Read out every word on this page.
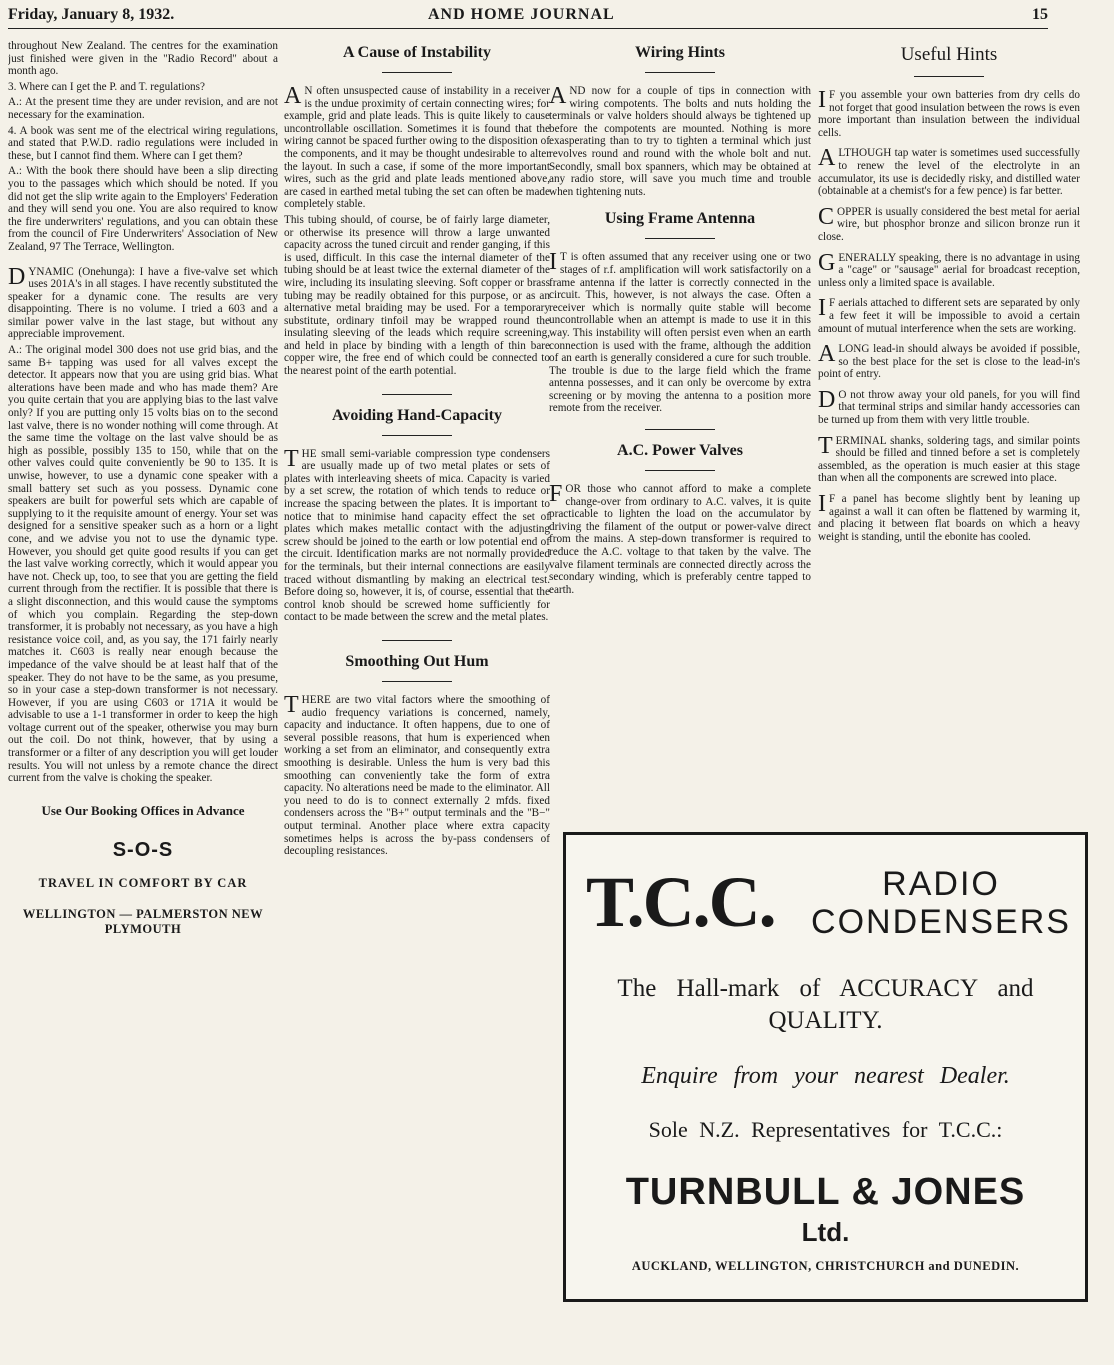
Friday, January 8, 1932.	AND HOME JOURNAL	15

throughout New Zealand. The centres for the examination just finished were given in the "Radio Record" about a month ago.

3. Where can I get the P. and T. regulations?

A.: At the present time they are under revision, and are not necessary for the examination.

4. A book was sent me of the electrical wiring regulations, and stated that P.W.D. radio regulations were included in these, but I cannot find them. Where can I get them?

A.: With the book there should have been a slip directing you to the passages which which should be noted. If you did not get the slip write again to the Employers' Federation and they will send you one. You are also required to know the fire underwriters' regulations, and you can obtain these from the council of Fire Underwriters' Association of New Zealand, 97 The Terrace, Wellington.

DYNAMIC (Onehunga): I have a five-valve set which uses 201A's in all stages. I have recently substituted the speaker for a dynamic cone. The results are very disappointing. There is no volume. I tried a 603 and a similar power valve in the last stage, but without any appreciable improvement.

A.: The original model 300 does not use grid bias, and the same B+ tapping was used for all valves except the detector. It appears now that you are using grid bias. What alterations have been made and who has made them? Are you quite certain that you are applying bias to the last valve only? If you are putting only 15 volts bias on to the second last valve, there is no wonder nothing will come through. At the same time the voltage on the last valve should be as high as possible, possibly 135 to 150, while that on the other valves could quite conveniently be 90 to 135. It is unwise, however, to use a dynamic cone speaker with a small battery set such as you possess. Dynamic cone speakers are built for powerful sets which are capable of supplying to it the requisite amount of energy. Your set was designed for a sensitive speaker such as a horn or a light cone, and we advise you not to use the dynamic type. However, you should get quite good results if you can get the last valve working correctly, which it would appear you have not. Check up, too, to see that you are getting the field current through from the rectifier. It is possible that there is a slight disconnection, and this would cause the symptoms of which you complain. Regarding the step-down transformer, it is probably not necessary, as you have a high resistance voice coil, and, as you say, the 171 fairly nearly matches it. C603 is really near enough because the impedance of the valve should be at least half that of the speaker. They do not have to be the same, as you presume, so in your case a step-down transformer is not necessary. However, if you are using C603 or 171A it would be advisable to use a 1-1 transformer in order to keep the high voltage current out of the speaker, otherwise you may burn out the coil. Do not think, however, that by using a transformer or a filter of any description you will get louder results. You will not unless by a remote chance the direct current from the valve is choking the speaker.

Use Our Booking Offices in Advance
S-O-S
TRAVEL IN COMFORT BY CAR
WELLINGTON — PALMERSTON NEW PLYMOUTH
A Cause of Instability

A N often unsuspected cause of instability in a receiver is the undue proximity of certain connecting wires; for example, grid and plate leads. This is quite likely to cause uncontrollable oscillation. Sometimes it is found that the wiring cannot be spaced further owing to the disposition of the components, and it may be thought undesirable to alter the layout. In such a case, if some of the more important wires, such as the grid and plate leads mentioned above, are cased in earthed metal tubing the set can often be made completely stable.

This tubing should, of course, be of fairly large diameter, or otherwise its presence will throw a large unwanted capacity across the tuned circuit and render ganging, if this is used, difficult. In this case the internal diameter of the tubing should be at least twice the external diameter of the wire, including its insulating sleeving. Soft copper or brass tubing may be readily obtained for this purpose, or as an alternative metal braiding may be used. For a temporary substitute, ordinary tinfoil may be wrapped round the insulating sleeving of the leads which require screening, and held in place by binding with a length of thin bare copper wire, the free end of which could be connected to the nearest point of the earth potential.

Avoiding Hand-Capacity

THE small semi-variable compression type condensers are usually made up of two metal plates or sets of plates with interleaving sheets of mica. Capacity is varied by a set screw, the rotation of which tends to reduce or increase the spacing between the plates. It is important to notice that to minimise hand capacity effect the set of plates which makes metallic contact with the adjusting screw should be joined to the earth or low potential end of the circuit. Identification marks are not normally provided for the terminals, but their internal connections are easily traced without dismantling by making an electrical test. Before doing so, however, it is, of course, essential that the control knob should be screwed home sufficiently for contact to be made between the screw and the metal plates.

Smoothing Out Hum

THERE are two vital factors where the smoothing of audio frequency variations is concerned, namely, capacity and inductance. It often happens, due to one of several possible reasons, that hum is experienced when working a set from an eliminator, and consequently extra smoothing is desirable. Unless the hum is very bad this smoothing can conveniently take the form of extra capacity. No alterations need be made to the eliminator. All you need to do is to connect externally 2 mfds. fixed condensers across the "B+" output terminals and the "B−" output terminal. Another place where extra capacity sometimes helps is across the by-pass condensers of decoupling resistances.

Wiring Hints

AND now for a couple of tips in connection with wiring compotents. The bolts and nuts holding the terminals or valve holders should always be tightened up before the compotents are mounted. Nothing is more exasperating than to try to tighten a terminal which just revolves round and round with the whole bolt and nut. Secondly, small box spanners, which may be obtained at any radio store, will save you much time and trouble when tightening nuts.

Using Frame Antenna

I T is often assumed that any receiver using one or two stages of r.f. amplification will work satisfactorily on a frame antenna if the latter is correctly connected in the circuit. This, however, is not always the case. Often a receiver which is normally quite stable will become uncontrollable when an attempt is made to use it in this way. This instability will often persist even when an earth connection is used with the frame, although the addition of an earth is generally considered a cure for such trouble. The trouble is due to the large field which the frame antenna possesses, and it can only be overcome by extra screening or by moving the antenna to a position more remote from the receiver.

A.C. Power Valves

FOR those who cannot afford to make a complete change-over from ordinary to A.C. valves, it is quite practicable to lighten the load on the accumulator by driving the filament of the output or power-valve direct from the mains. A step-down transformer is required to reduce the A.C. voltage to that taken by the valve. The valve filament terminals are connected directly across the secondary winding, which is preferably centre tapped to earth.

Useful Hints

I F you assemble your own batteries from dry cells do not forget that good insulation between the rows is even more important than insulation between the individual cells.

ALTHOUGH tap water is sometimes used successfully to renew the level of the electrolyte in an accumulator, its use is decidedly risky, and distilled water (obtainable at a chemist's for a few pence) is far better.

COPPER is usually considered the best metal for aerial wire, but phosphor bronze and silicon bronze run it close.

GENERALLY speaking, there is no advantage in using a "cage" or "sausage" aerial for broadcast reception, unless only a limited space is available.

I F aerials attached to different sets are separated by only a few feet it will be impossible to avoid a certain amount of mutual interference when the sets are working.

A LONG lead-in should always be avoided if possible, so the best place for the set is close to the lead-in's point of entry.

D O not throw away your old panels, for you will find that terminal strips and similar handy accessories can be turned up from them with very little trouble.

TERMINAL shanks, soldering tags, and similar points should be filled and tinned before a set is completely assembled, as the operation is much easier at this stage than when all the components are screwed into place.

I F a panel has become slightly bent by leaning up against a wall it can often be flattened by warming it, and placing it between flat boards on which a heavy weight is standing, until the ebonite has cooled.

T.C.C.	RADIO
CONDENSERS
The Hall-mark of ACCURACY and
QUALITY.
Enquire from your nearest Dealer.
Sole N.Z. Representatives for T.C.C.:
TURNBULL & JONES
Ltd.
AUCKLAND, WELLINGTON, CHRISTCHURCH and DUNEDIN.
